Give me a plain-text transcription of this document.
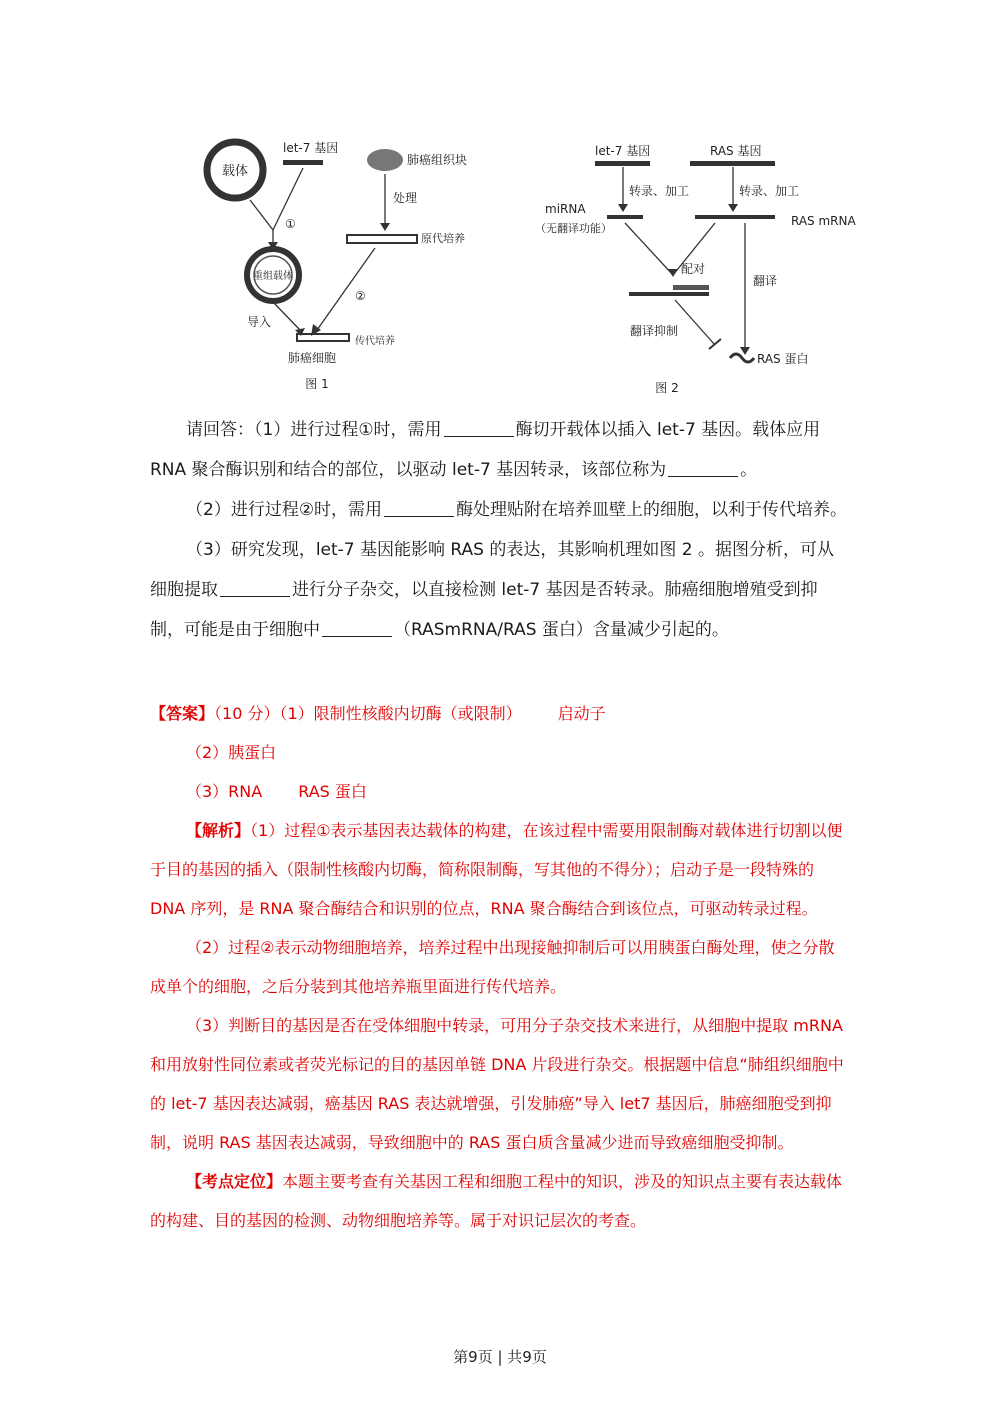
载体
let-7 基因
肺癌组织块
①
处理
原代培养
重组载体
②
导入
传代培养
肺癌细胞
图 1
let-7 基因	RAS 基因
转录、加工	转录、加工
miRNA
（无翻译功能）
RAS mRNA
配对
翻译
翻译抑制
RAS 蛋白
图 2

请回答：（1）进行过程①时，需用	酶切开载体以插入 let-7 基因。载体应用 RNA 聚合酶识别和结合的部位，以驱动 let-7 基因转录，该部位称为	。

（2）进行过程②时，需用	酶处理贴附在培养皿壁上的细胞，以利于传代培养。

（3）研究发现，let-7 基因能影响 RAS 的表达，其影响机理如图 2 。据图分析，可从细胞提取	进行分子杂交，以直接检测 let-7 基因是否转录。肺癌细胞增殖受到抑制，可能是由于细胞中	（RASmRNA/RAS 蛋白）含量减少引起的。

【答案】（10 分）（1）限制性核酸内切酶（或限制） 启动子

（2）胰蛋白

（3）RNA RAS 蛋白

【解析】（1）过程①表示基因表达载体的构建，在该过程中需要用限制酶对载体进行切割以便于目的基因的插入（限制性核酸内切酶，简称限制酶，写其他的不得分）；启动子是一段特殊的 DNA 序列，是 RNA 聚合酶结合和识别的位点，RNA 聚合酶结合到该位点，可驱动转录过程。

（2）过程②表示动物细胞培养，培养过程中出现接触抑制后可以用胰蛋白酶处理，使之分散成单个的细胞，之后分装到其他培养瓶里面进行传代培养。

（3）判断目的基因是否在受体细胞中转录，可用分子杂交技术来进行，从细胞中提取 mRNA 和用放射性同位素或者荧光标记的目的基因单链 DNA 片段进行杂交。根据题中信息“肺组织细胞中的 let-7 基因表达减弱，癌基因 RAS 表达就增强，引发肺癌”导入 let7 基因后，肺癌细胞受到抑制，说明 RAS 基因表达减弱，导致细胞中的 RAS 蛋白质含量减少进而导致癌细胞受抑制。

【考点定位】本题主要考查有关基因工程和细胞工程中的知识，涉及的知识点主要有表达载体的构建、目的基因的检测、动物细胞培养等。属于对识记层次的考查。

第9页 | 共9页
